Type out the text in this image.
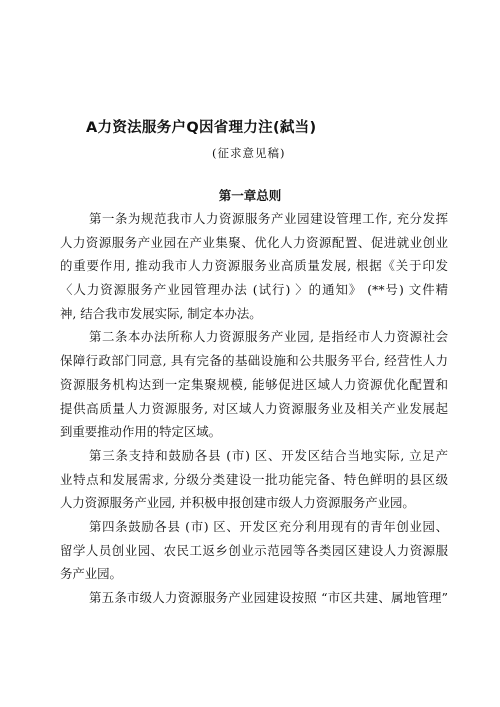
A力资法服务户Q因省理力注(弑当)
(征求意见稿)
第一章总则
第一条为规范我市人力资源服务产业园建设管理工作, 充分发挥
人力资源服务产业园在产业集聚、优化人力资源配置、促进就业创业
的重要作用, 推动我市人力资源服务业高质量发展, 根据《关于印发
〈人力资源服务产业园管理办法 (试行) 〉的通知》 (**号) 文件精
神, 结合我市发展实际, 制定本办法。
第二条本办法所称人力资源服务产业园, 是指经市人力资源社会
保障行政部门同意, 具有完备的基础设施和公共服务平台, 经营性人力
资源服务机构达到一定集聚规模, 能够促进区域人力资源优化配置和
提供高质量人力资源服务, 对区域人力资源服务业及相关产业发展起
到重要推动作用的特定区域。
第三条支持和鼓励各县 (市) 区、开发区结合当地实际, 立足产
业特点和发展需求, 分级分类建设一批功能完备、特色鲜明的县区级
人力资源服务产业园, 并积极申报创建市级人力资源服务产业园。
第四条鼓励各县 (市) 区、开发区充分利用现有的青年创业园、
留学人员创业园、农民工返乡创业示范园等各类园区建设人力资源服
务产业园。
第五条市级人力资源服务产业园建设按照 “市区共建、属地管理”
